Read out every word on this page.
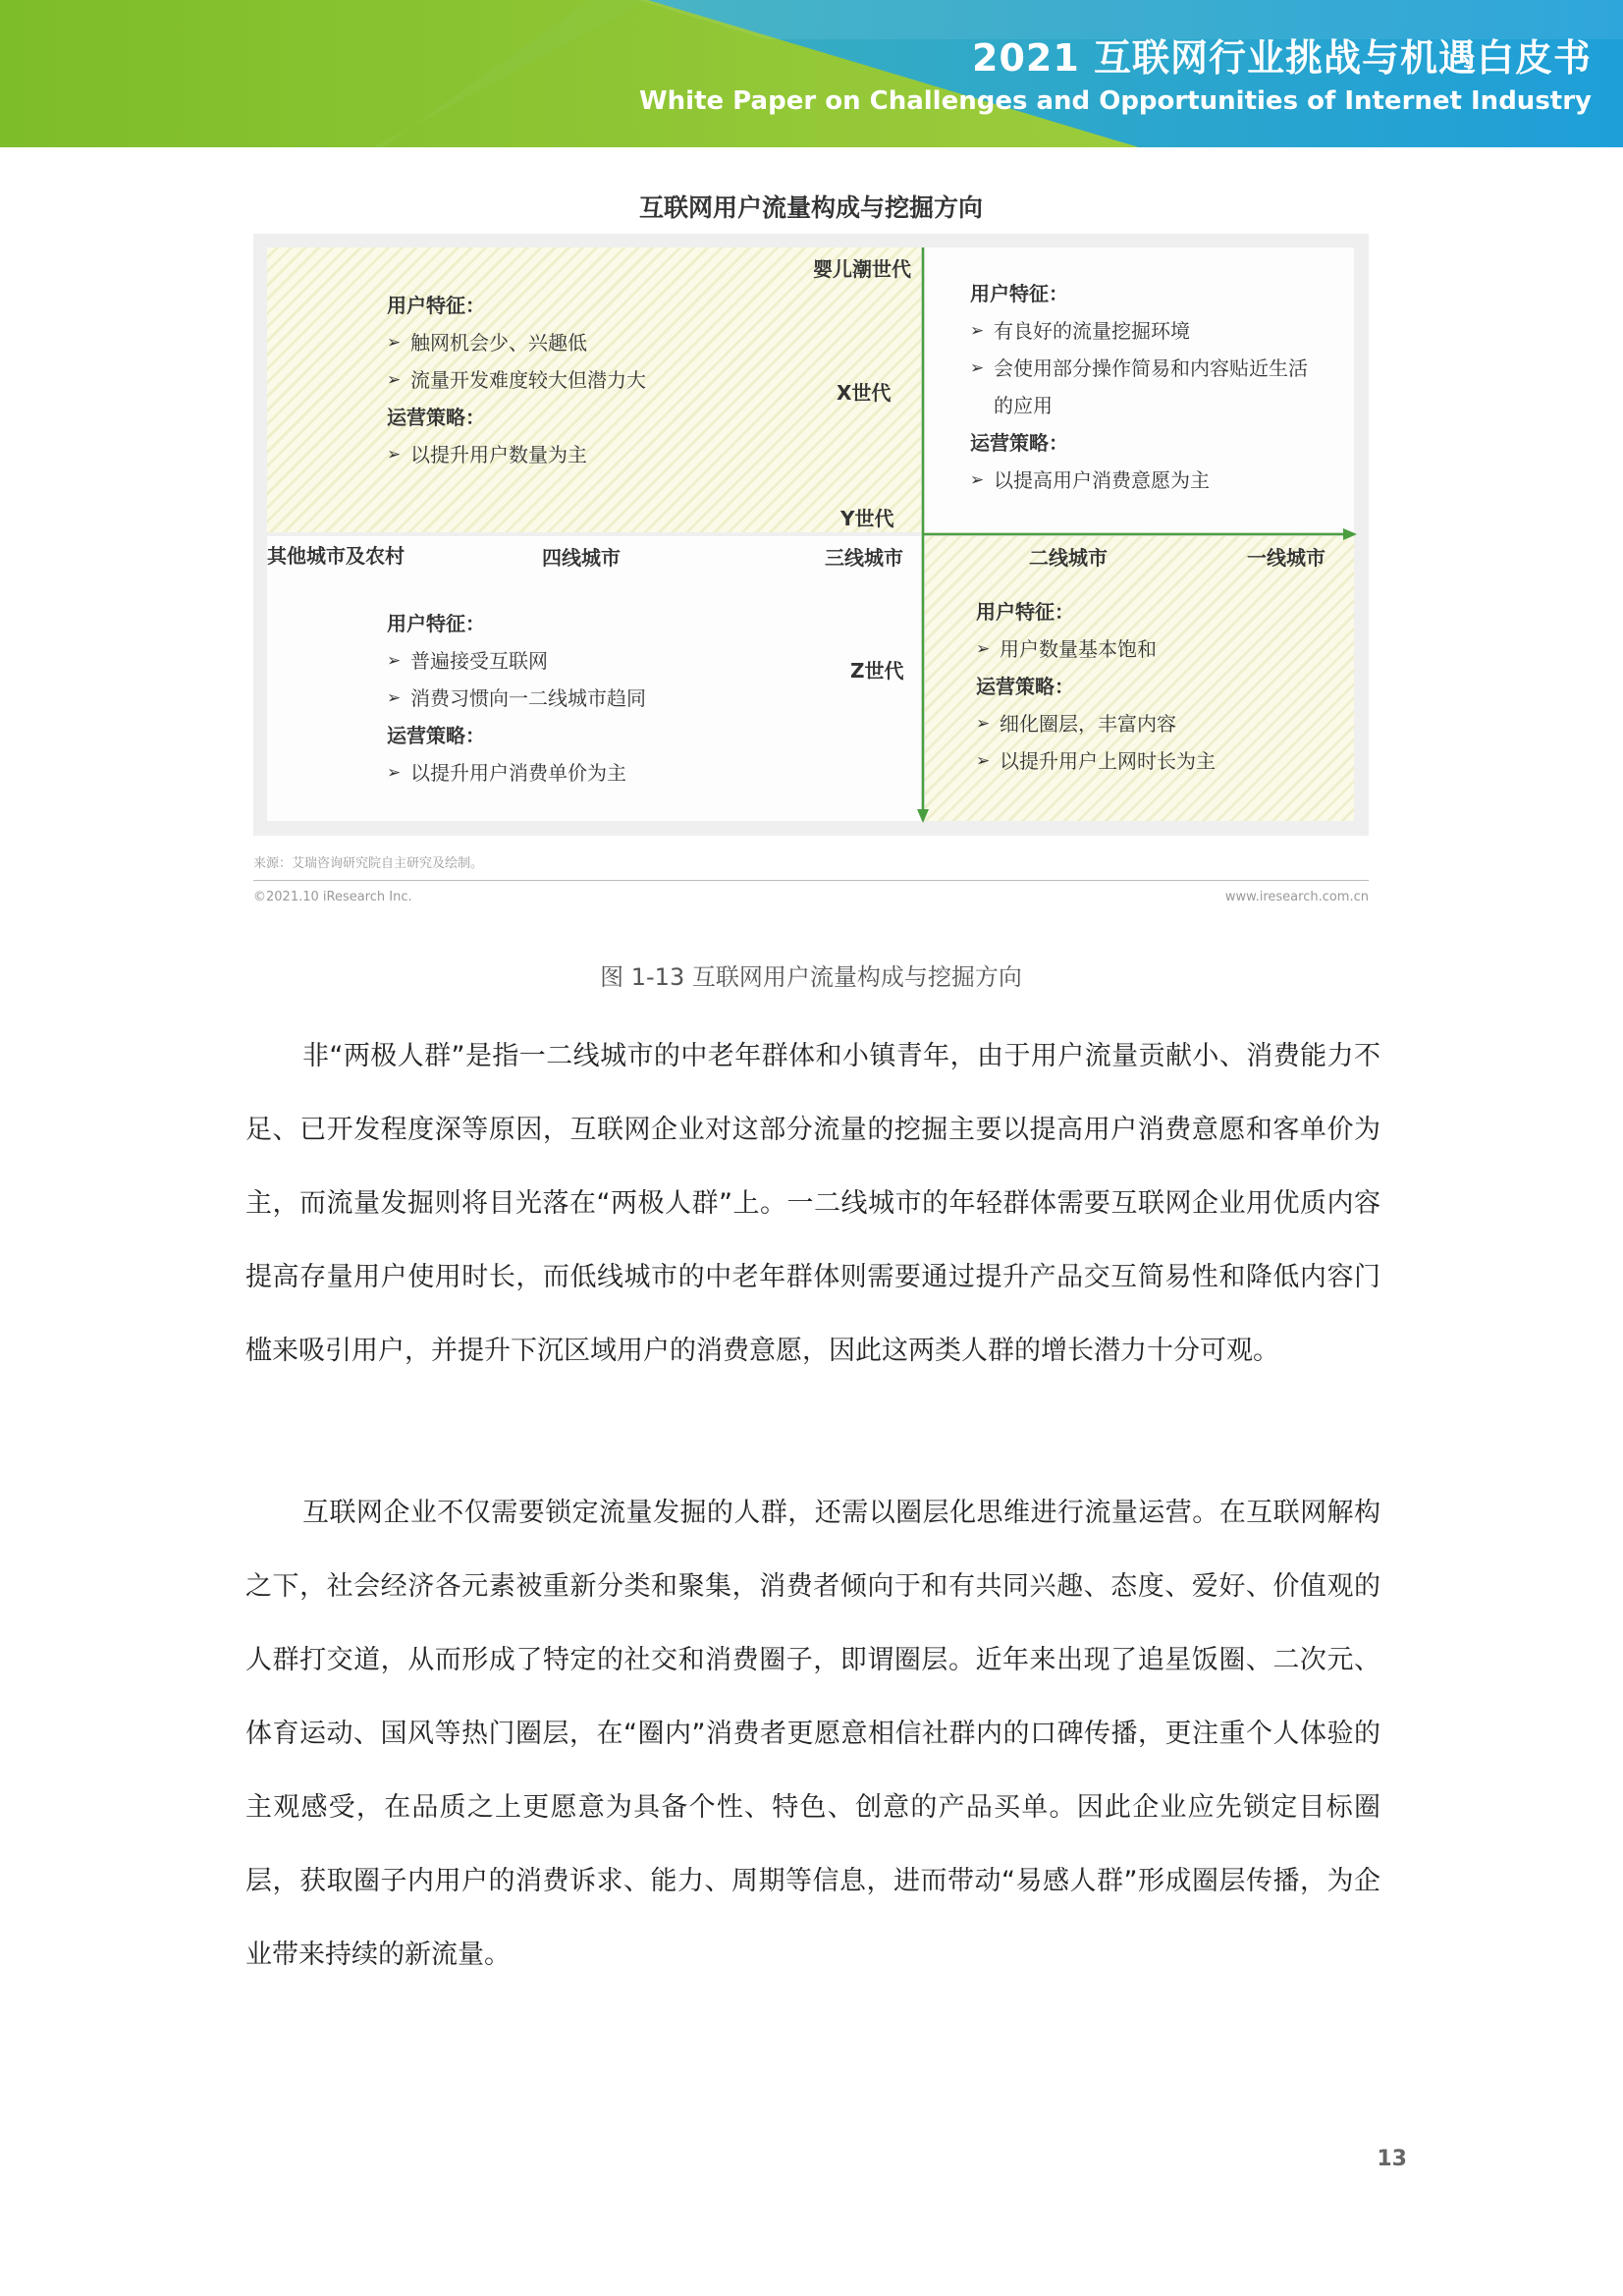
2021 互联网行业挑战与机遇白皮书
White Paper on Challenges and Opportunities of Internet Industry
互联网用户流量构成与挖掘方向
婴儿潮世代
X世代
Y世代
Z世代
其他城市及农村	四线城市	三线城市	二线城市	一线城市
用户特征：
➢ 触网机会少、兴趣低
➢ 流量开发难度较大但潜力大
运营策略：
➢ 以提升用户数量为主
用户特征：
➢ 有良好的流量挖掘环境
➢ 会使用部分操作简易和内容贴近生活
的应用
运营策略：
➢ 以提高用户消费意愿为主
用户特征：
➢ 普遍接受互联网
➢ 消费习惯向一二线城市趋同
运营策略：
➢ 以提升用户消费单价为主
用户特征：
➢ 用户数量基本饱和
运营策略：
➢ 细化圈层，丰富内容
➢ 以提升用户上网时长为主
来源：艾瑞咨询研究院自主研究及绘制。
©2021.10 iResearch Inc.	www.iresearch.com.cn
图 1-13 互联网用户流量构成与挖掘方向

非“两极人群”是指一二线城市的中老年群体和小镇青年，由于用户流量贡献小、消费能力不足、已开发程度深等原因，互联网企业对这部分流量的挖掘主要以提高用户消费意愿和客单价为主，而流量发掘则将目光落在“两极人群”上。一二线城市的年轻群体需要互联网企业用优质内容提高存量用户使用时长，而低线城市的中老年群体则需要通过提升产品交互简易性和降低内容门槛来吸引用户，并提升下沉区域用户的消费意愿，因此这两类人群的增长潜力十分可观。

互联网企业不仅需要锁定流量发掘的人群，还需以圈层化思维进行流量运营。在互联网解构之下，社会经济各元素被重新分类和聚集，消费者倾向于和有共同兴趣、态度、爱好、价值观的人群打交道，从而形成了特定的社交和消费圈子，即谓圈层。近年来出现了追星饭圈、二次元、体育运动、国风等热门圈层，在“圈内”消费者更愿意相信社群内的口碑传播，更注重个人体验的主观感受，在品质之上更愿意为具备个性、特色、创意的产品买单。因此企业应先锁定目标圈层，获取圈子内用户的消费诉求、能力、周期等信息，进而带动“易感人群”形成圈层传播，为企业带来持续的新流量。

13
